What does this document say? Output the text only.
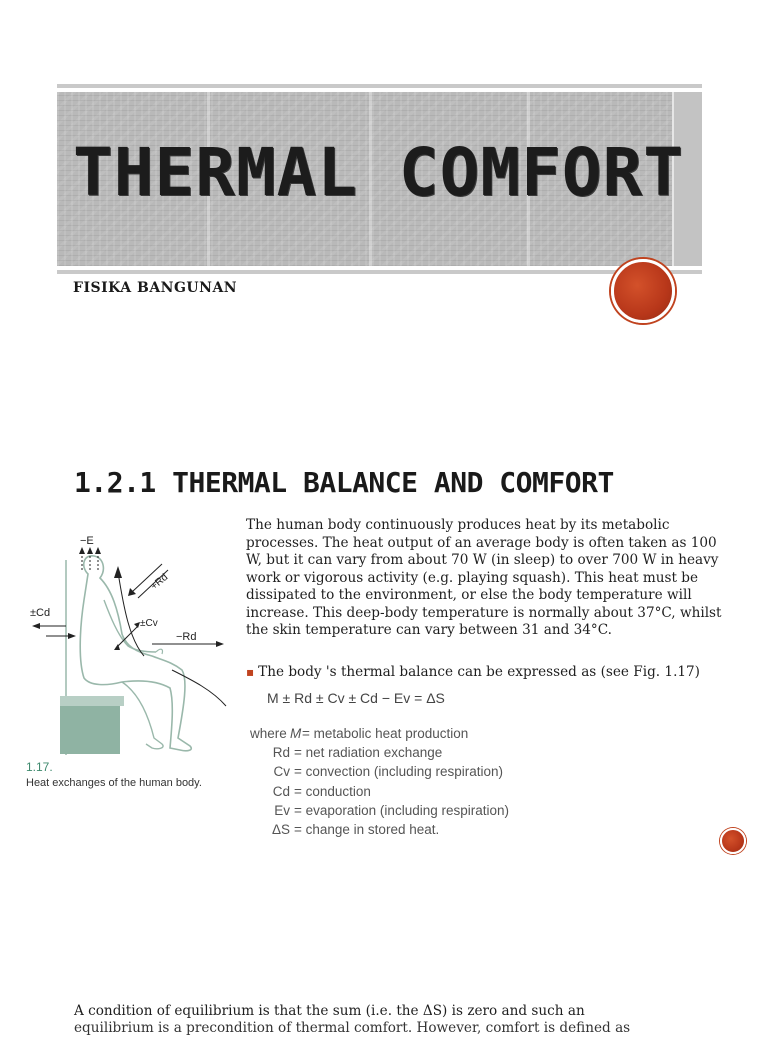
THERMAL COMFORT
FISIKA BANGUNAN
1.2.1 THERMAL BALANCE AND COMFORT
−E
+Rd
±Cd
±Cv
−Rd
1.17.
Heat exchanges of the human body.
The human body continuously produces heat by its metabolic processes. The heat output of an average body is often taken as 100 W, but it can vary from about 70 W (in sleep) to over 700 W in heavy work or vigorous activity (e.g. playing squash). This heat must be dissipated to the environment, or else the body temperature will increase. This deep-body temperature is normally about 37°C, whilst the skin temperature can vary between 31 and 34°C.
▪ The body 's thermal balance can be expressed as (see Fig. 1.17)
M ± Rd ± Cv ± Cd − Ev = ΔS
where M = metabolic heat production
Rd = net radiation exchange
Cv = convection (including respiration)
Cd = conduction
Ev = evaporation (including respiration)
ΔS = change in stored heat.
A condition of equilibrium is that the sum (i.e. the ΔS) is zero and such an
equilibrium is a precondition of thermal comfort. However, comfort is defined as
